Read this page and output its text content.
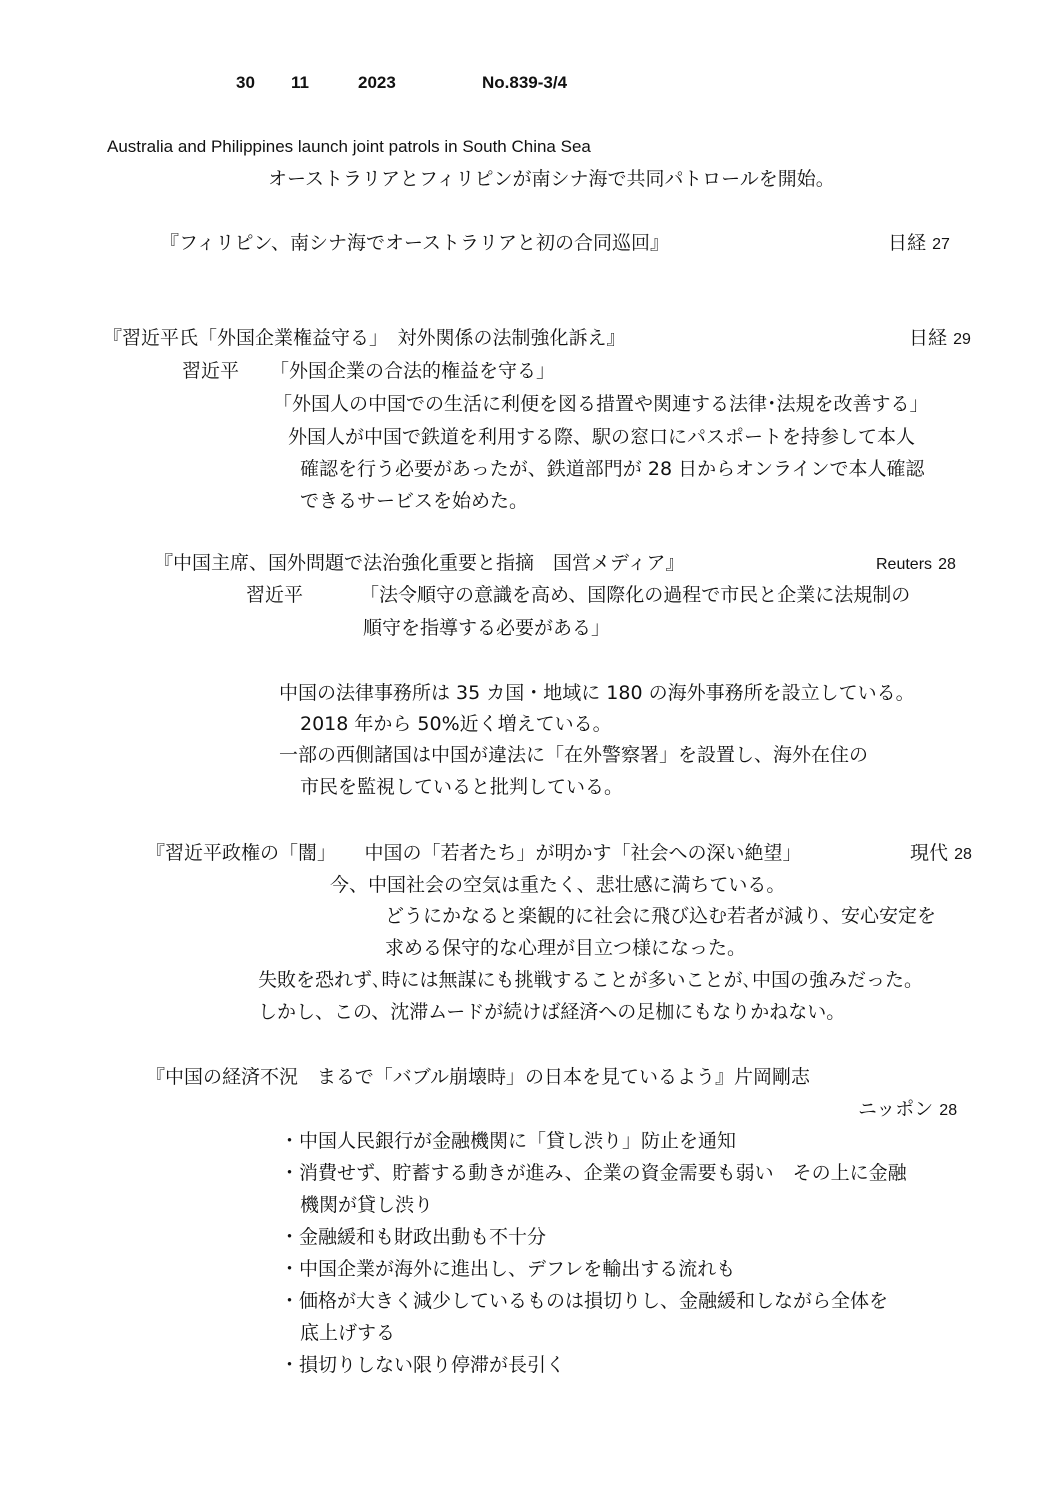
30 11	2023	No.839-3/4
Australia and Philippines launch joint patrols in South China Sea
オーストラリアとフィリピンが南シナ海で共同パトロールを開始。
『フィリピン、南シナ海でオーストラリアと初の合同巡回』	日経 27
『習近平氏「外国企業権益守る」　対外関係の法制強化訴え』	日経 29
習近平 「外国企業の合法的権益を守る」
「外国人の中国での生活に利便を図る措置や関連する法律･法規を改善する」
外国人が中国で鉄道を利用する際、駅の窓口にパスポートを持参して本人
確認を行う必要があったが、鉄道部門が 28 日からオンラインで本人確認
できるサービスを始めた。
『中国主席、国外問題で法治強化重要と指摘　国営メディア』	Reuters 28
習近平	「法令順守の意識を高め、国際化の過程で市民と企業に法規制の
順守を指導する必要がある」
中国の法律事務所は 35 カ国・地域に 180 の海外事務所を設立している。
2018 年から 50%近く増えている。
一部の西側諸国は中国が違法に「在外警察署」を設置し、海外在住の
市民を監視していると批判している。
『習近平政権の「闇」　　中国の「若者たち」が明かす「社会への深い絶望」	現代 28
今、中国社会の空気は重たく、悲壮感に満ちている。
どうにかなると楽観的に社会に飛び込む若者が減り、安心安定を
求める保守的な心理が目立つ様になった。
失敗を恐れず､時には無謀にも挑戦することが多いことが､中国の強みだった。
しかし、この、沈滞ムードが続けば経済への足枷にもなりかねない。
『中国の経済不況　まるで「バブル崩壊時」の日本を見ているよう』片岡剛志
ニッポン 28
・中国人民銀行が金融機関に「貸し渋り」防止を通知
・消費せず、貯蓄する動きが進み、企業の資金需要も弱い　その上に金融
機関が貸し渋り
・金融緩和も財政出動も不十分
・中国企業が海外に進出し、デフレを輸出する流れも
・価格が大きく減少しているものは損切りし、金融緩和しながら全体を
底上げする
・損切りしない限り停滞が長引く
